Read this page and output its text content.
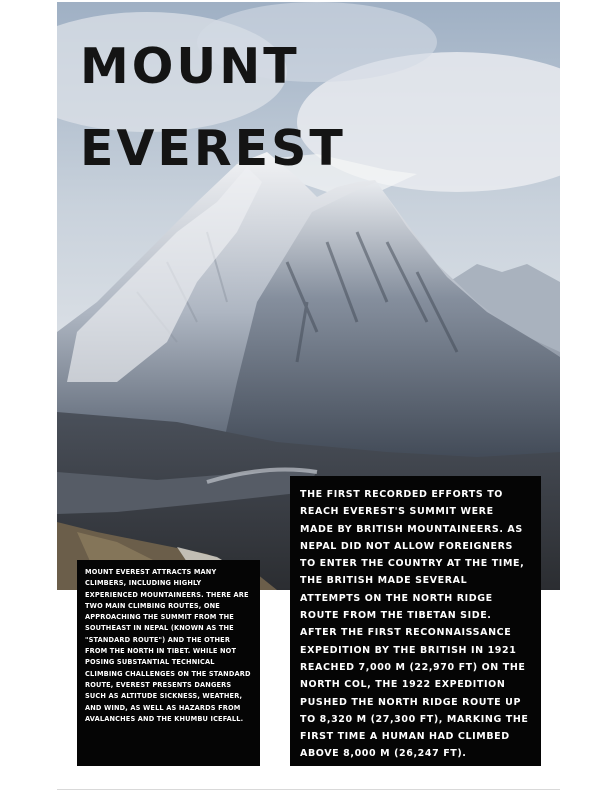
MOUNT
EVEREST

THE FIRST RECORDED EFFORTS TO REACH EVEREST'S SUMMIT WERE MADE BY BRITISH MOUNTAINEERS. AS NEPAL DID NOT ALLOW FOREIGNERS TO ENTER THE COUNTRY AT THE TIME, THE BRITISH MADE SEVERAL ATTEMPTS ON THE NORTH RIDGE ROUTE FROM THE TIBETAN SIDE. AFTER THE FIRST RECONNAISSANCE EXPEDITION BY THE BRITISH IN 1921 REACHED 7,000 M (22,970 FT) ON THE NORTH COL, THE 1922 EXPEDITION PUSHED THE NORTH RIDGE ROUTE UP TO 8,320 M (27,300 FT), MARKING THE FIRST TIME A HUMAN HAD CLIMBED ABOVE 8,000 M (26,247 FT).

MOUNT EVEREST ATTRACTS MANY CLIMBERS, INCLUDING HIGHLY EXPERIENCED MOUNTAINEERS. THERE ARE TWO MAIN CLIMBING ROUTES, ONE APPROACHING THE SUMMIT FROM THE SOUTHEAST IN NEPAL (KNOWN AS THE "STANDARD ROUTE") AND THE OTHER FROM THE NORTH IN TIBET. WHILE NOT POSING SUBSTANTIAL TECHNICAL CLIMBING CHALLENGES ON THE STANDARD ROUTE, EVEREST PRESENTS DANGERS SUCH AS ALTITUDE SICKNESS, WEATHER, AND WIND, AS WELL AS HAZARDS FROM AVALANCHES AND THE KHUMBU ICEFALL.
